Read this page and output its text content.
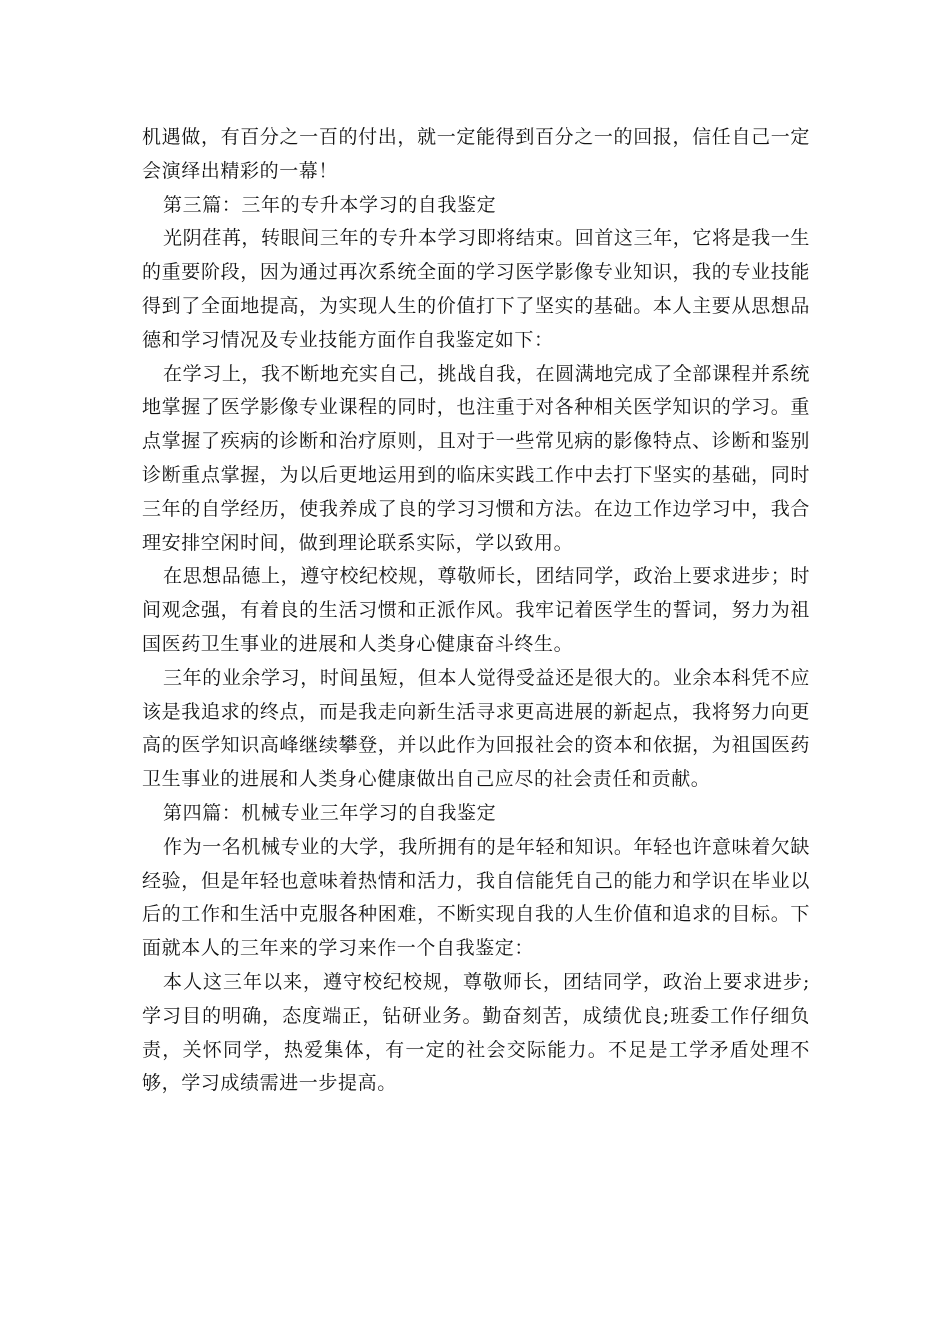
机遇做，有百分之一百的付出，就一定能得到百分之一的回报，信任自己一定会演绎出精彩的一幕！

第三篇：三年的专升本学习的自我鉴定

光阴荏苒，转眼间三年的专升本学习即将结束。回首这三年，它将是我一生的重要阶段，因为通过再次系统全面的学习医学影像专业知识，我的专业技能得到了全面地提高，为实现人生的价值打下了坚实的基础。本人主要从思想品德和学习情况及专业技能方面作自我鉴定如下：

在学习上，我不断地充实自己，挑战自我，在圆满地完成了全部课程并系统地掌握了医学影像专业课程的同时，也注重于对各种相关医学知识的学习。重点掌握了疾病的诊断和治疗原则，且对于一些常见病的影像特点、诊断和鉴别诊断重点掌握，为以后更地运用到的临床实践工作中去打下坚实的基础，同时三年的自学经历，使我养成了良的学习习惯和方法。在边工作边学习中，我合理安排空闲时间，做到理论联系实际，学以致用。

在思想品德上，遵守校纪校规，尊敬师长，团结同学，政治上要求进步；时间观念强，有着良的生活习惯和正派作风。我牢记着医学生的誓词，努力为祖国医药卫生事业的进展和人类身心健康奋斗终生。

三年的业余学习，时间虽短，但本人觉得受益还是很大的。业余本科凭不应该是我追求的终点，而是我走向新生活寻求更高进展的新起点，我将努力向更高的医学知识高峰继续攀登，并以此作为回报社会的资本和依据，为祖国医药卫生事业的进展和人类身心健康做出自己应尽的社会责任和贡献。

第四篇：机械专业三年学习的自我鉴定

作为一名机械专业的大学，我所拥有的是年轻和知识。年轻也许意味着欠缺经验，但是年轻也意味着热情和活力，我自信能凭自己的能力和学识在毕业以后的工作和生活中克服各种困难，不断实现自我的人生价值和追求的目标。下面就本人的三年来的学习来作一个自我鉴定：

本人这三年以来，遵守校纪校规，尊敬师长，团结同学，政治上要求进步;学习目的明确，态度端正，钻研业务。勤奋刻苦，成绩优良;班委工作仔细负责，关怀同学，热爱集体，有一定的社会交际能力。不足是工学矛盾处理不够，学习成绩需进一步提高。
